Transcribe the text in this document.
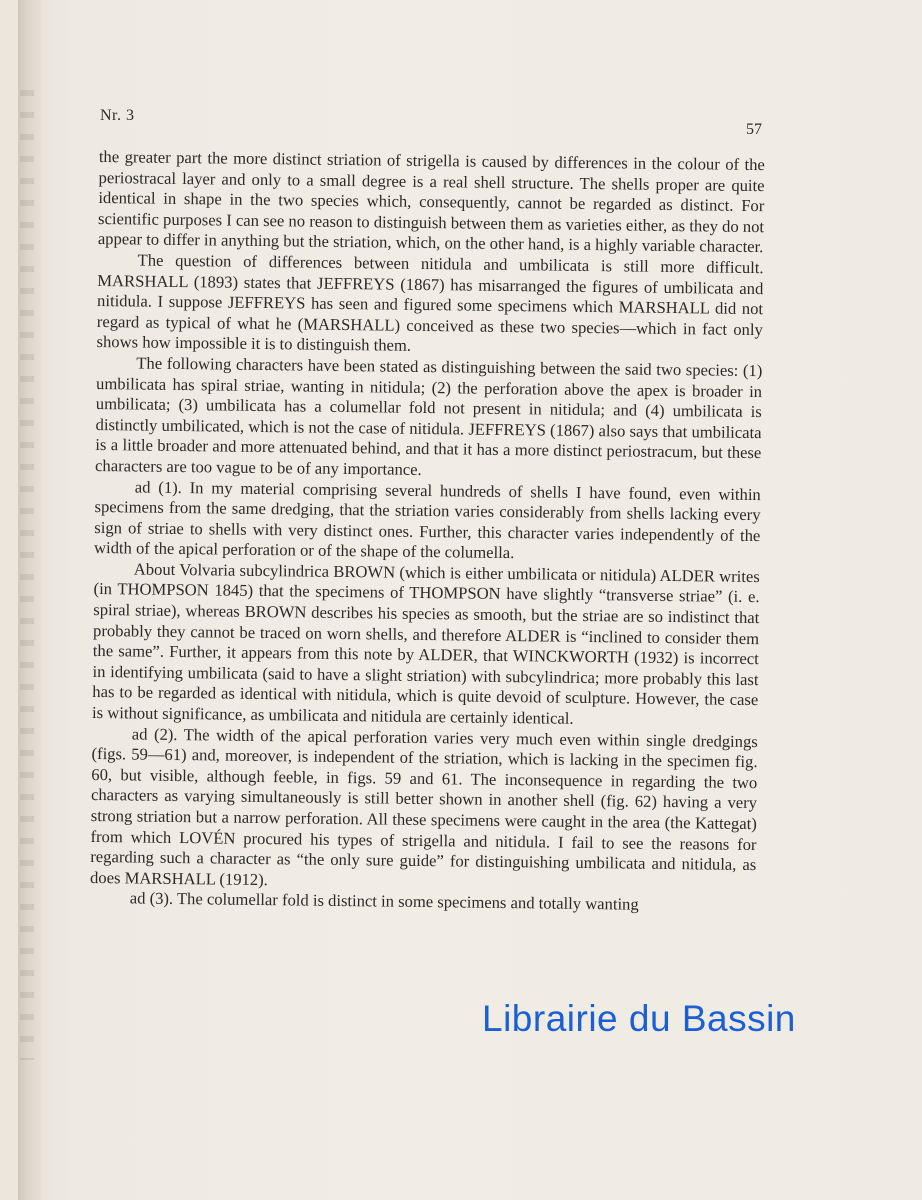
Nr. 3
57

the greater part the more distinct striation of strigella is caused by differences in the colour of the periostracal layer and only to a small degree is a real shell structure. The shells proper are quite identical in shape in the two species which, consequently, cannot be regarded as distinct. For scientific purposes I can see no reason to distinguish between them as varieties either, as they do not appear to differ in anything but the striation, which, on the other hand, is a highly variable character.

The question of differences between nitidula and umbilicata is still more difficult. MARSHALL (1893) states that JEFFREYS (1867) has misarranged the figures of umbilicata and nitidula. I suppose JEFFREYS has seen and figured some specimens which MARSHALL did not regard as typical of what he (MARSHALL) conceived as these two species—which in fact only shows how impossible it is to distinguish them.

The following characters have been stated as distinguishing between the said two species: (1) umbilicata has spiral striae, wanting in nitidula; (2) the perforation above the apex is broader in umbilicata; (3) umbilicata has a columellar fold not present in nitidula; and (4) umbilicata is distinctly umbilicated, which is not the case of nitidula. JEFFREYS (1867) also says that umbilicata is a little broader and more attenuated behind, and that it has a more distinct periostracum, but these characters are too vague to be of any importance.

ad (1). In my material comprising several hundreds of shells I have found, even within specimens from the same dredging, that the striation varies considerably from shells lacking every sign of striae to shells with very distinct ones. Further, this character varies independently of the width of the apical perforation or of the shape of the columella.

About Volvaria subcylindrica BROWN (which is either umbilicata or nitidula) ALDER writes (in THOMPSON 1845) that the specimens of THOMPSON have slightly “transverse striae” (i. e. spiral striae), whereas BROWN describes his species as smooth, but the striae are so indistinct that probably they cannot be traced on worn shells, and therefore ALDER is “inclined to consider them the same”. Further, it appears from this note by ALDER, that WINCKWORTH (1932) is incorrect in identifying umbilicata (said to have a slight striation) with subcylindrica; more probably this last has to be regarded as identical with nitidula, which is quite devoid of sculpture. However, the case is without significance, as umbilicata and nitidula are certainly identical.

ad (2). The width of the apical perforation varies very much even within single dredgings (figs. 59—61) and, moreover, is independent of the striation, which is lacking in the specimen fig. 60, but visible, although feeble, in figs. 59 and 61. The inconsequence in regarding the two characters as varying simultaneously is still better shown in another shell (fig. 62) having a very strong striation but a narrow perforation. All these specimens were caught in the area (the Kattegat) from which LOVÉN procured his types of strigella and nitidula. I fail to see the reasons for regarding such a character as “the only sure guide” for distinguishing umbilicata and nitidula, as does MARSHALL (1912).

ad (3). The columellar fold is distinct in some specimens and totally wanting

Librairie du Bassin
